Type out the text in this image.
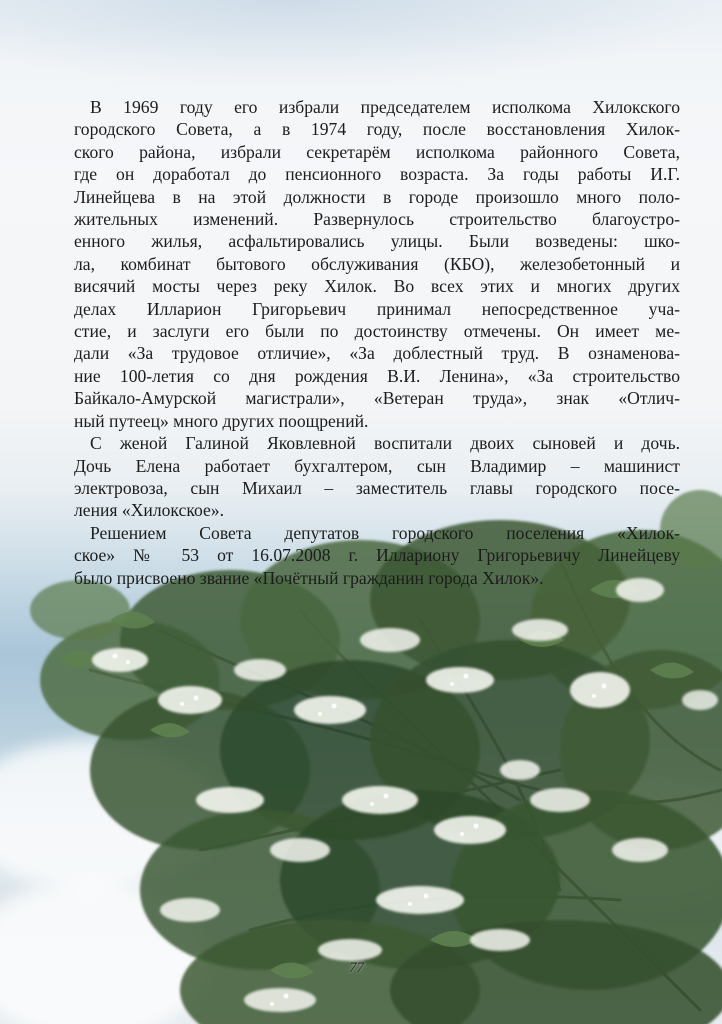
В 1969 году его избрали председателем исполкома Хилокского
городского Совета, а в 1974 году, после восстановления Хилок-
ского района, избрали секретарём исполкома районного Совета,
где он доработал до пенсионного возраста. За годы работы И.Г.
Линейцева в на этой должности в городе произошло много поло-
жительных изменений. Развернулось строительство благоустро-
енного жилья, асфальтировались улицы. Были возведены: шко-
ла, комбинат бытового обслуживания (КБО), железобетонный и
висячий мосты через реку Хилок. Во всех этих и многих других
делах Илларион Григорьевич принимал непосредственное уча-
стие, и заслуги его были по достоинству отмечены. Он имеет ме-
дали «За трудовое отличие», «За доблестный труд. В ознаменова-
ние 100-летия со дня рождения В.И. Ленина», «За строительство
Байкало-Амурской магистрали», «Ветеран труда», знак «Отлич-
ный путеец» много других поощрений.

С женой Галиной Яковлевной воспитали двоих сыновей и дочь.
Дочь Елена работает бухгалтером, сын Владимир – машинист
электровоза, сын Михаил – заместитель главы городского посе-
ления «Хилокское».

Решением Совета депутатов городского поселения «Хилок-
ское» № 53 от 16.07.2008 г. Иллариону Григорьевичу Линейцеву
было присвоено звание «Почётный гражданин города Хилок».

77
